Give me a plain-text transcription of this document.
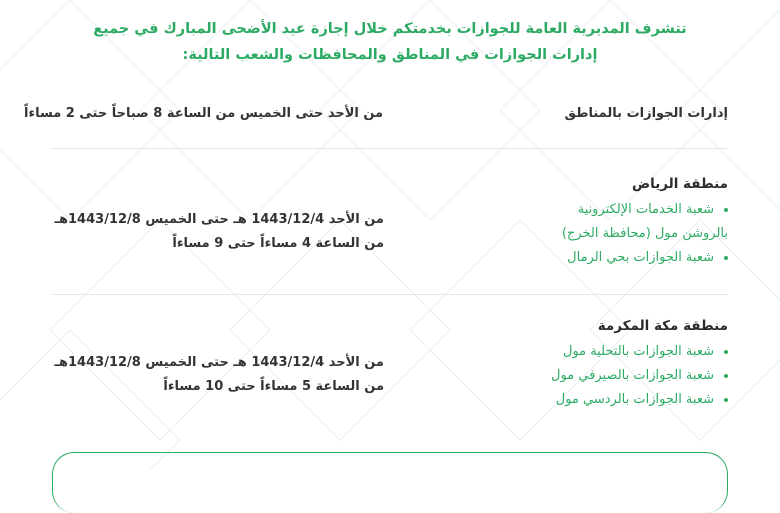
تتشرف المديرية العامة للجوازات بخدمتكم خلال إجازة عيد الأضحى المبارك في جميع
إدارات الجوازات في المناطق والمحافظات والشعب التالية:
إدارات الجوازات بالمناطق
من الأحد حتى الخميس من الساعة 8 صباحاً حتى 2 مساءاً
منطقة الرياض
شعبة الخدمات الإلكترونية
بالروشن مول (محافظة الخرج)
شعبة الجوازات بحي الرمال
من الأحد 1443/12/4 هـ حتى الخميس 1443/12/8هـ
من الساعة 4 مساءاً حتى 9 مساءاً
منطقة مكة المكرمة
شعبة الجوازات بالتحلية مول
شعبة الجوازات بالصيرفي مول
شعبة الجوازات بالردسي مول
من الأحد 1443/12/4 هـ حتى الخميس 1443/12/8هـ
من الساعة 5 مساءاً حتى 10 مساءاً
